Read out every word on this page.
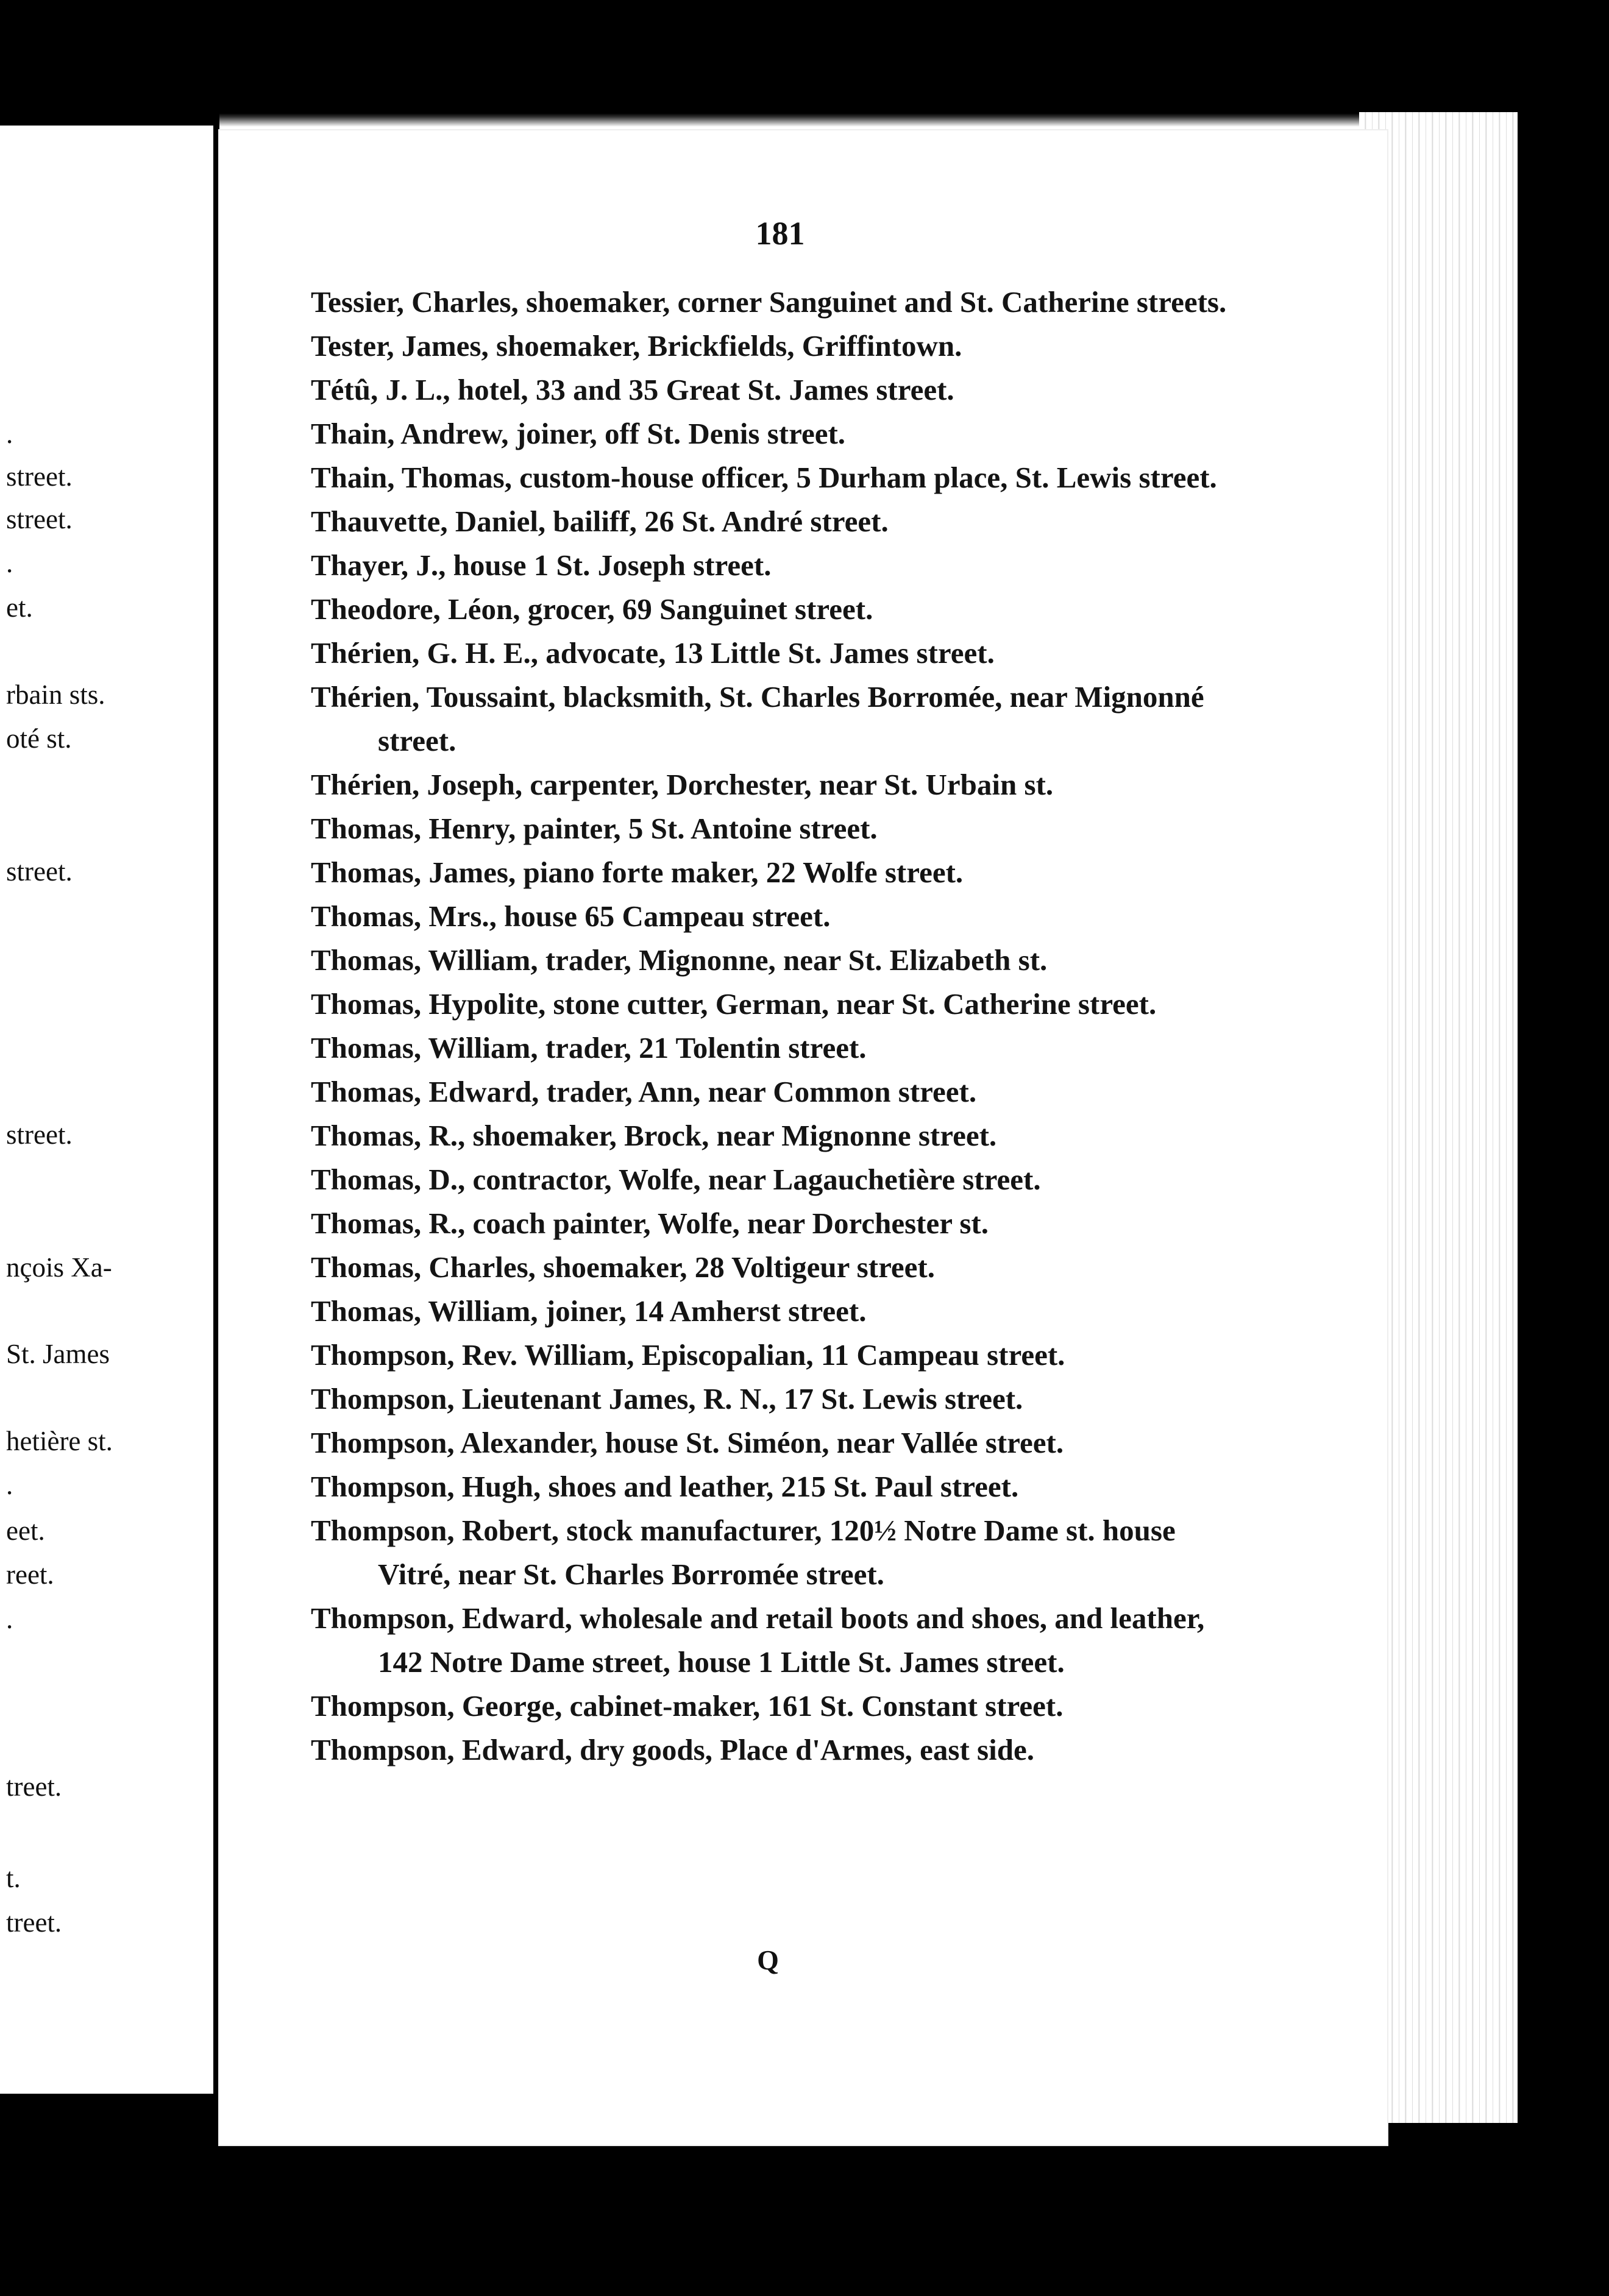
.
street.
street.
.
et.
rbain sts.
oté st.
street.
street.
nçois Xa-
St. James
hetière st.
.
eet.
reet.
.
treet.
t.
treet.
181
Tessier, Charles, shoemaker, corner Sanguinet and St. Catherine streets.
Tester, James, shoemaker, Brickfields, Griffintown.
Tétû, J. L., hotel, 33 and 35 Great St. James street.
Thain, Andrew, joiner, off St. Denis street.
Thain, Thomas, custom-house officer, 5 Durham place, St. Lewis street.
Thauvette, Daniel, bailiff, 26 St. André street.
Thayer, J., house 1 St. Joseph street.
Theodore, Léon, grocer, 69 Sanguinet street.
Thérien, G. H. E., advocate, 13 Little St. James street.
Thérien, Toussaint, blacksmith, St. Charles Borromée, near Mignonné street.
Thérien, Joseph, carpenter, Dorchester, near St. Urbain st.
Thomas, Henry, painter, 5 St. Antoine street.
Thomas, James, piano forte maker, 22 Wolfe street.
Thomas, Mrs., house 65 Campeau street.
Thomas, William, trader, Mignonne, near St. Elizabeth st.
Thomas, Hypolite, stone cutter, German, near St. Catherine street.
Thomas, William, trader, 21 Tolentin street.
Thomas, Edward, trader, Ann, near Common street.
Thomas, R., shoemaker, Brock, near Mignonne street.
Thomas, D., contractor, Wolfe, near Lagauchetière street.
Thomas, R., coach painter, Wolfe, near Dorchester st.
Thomas, Charles, shoemaker, 28 Voltigeur street.
Thomas, William, joiner, 14 Amherst street.
Thompson, Rev. William, Episcopalian, 11 Campeau street.
Thompson, Lieutenant James, R. N., 17 St. Lewis street.
Thompson, Alexander, house St. Siméon, near Vallée street.
Thompson, Hugh, shoes and leather, 215 St. Paul street.
Thompson, Robert, stock manufacturer, 120½ Notre Dame st. house Vitré, near St. Charles Borromée street.
Thompson, Edward, wholesale and retail boots and shoes, and leather, 142 Notre Dame street, house 1 Little St. James street.
Thompson, George, cabinet-maker, 161 St. Constant street.
Thompson, Edward, dry goods, Place d'Armes, east side.
Q
